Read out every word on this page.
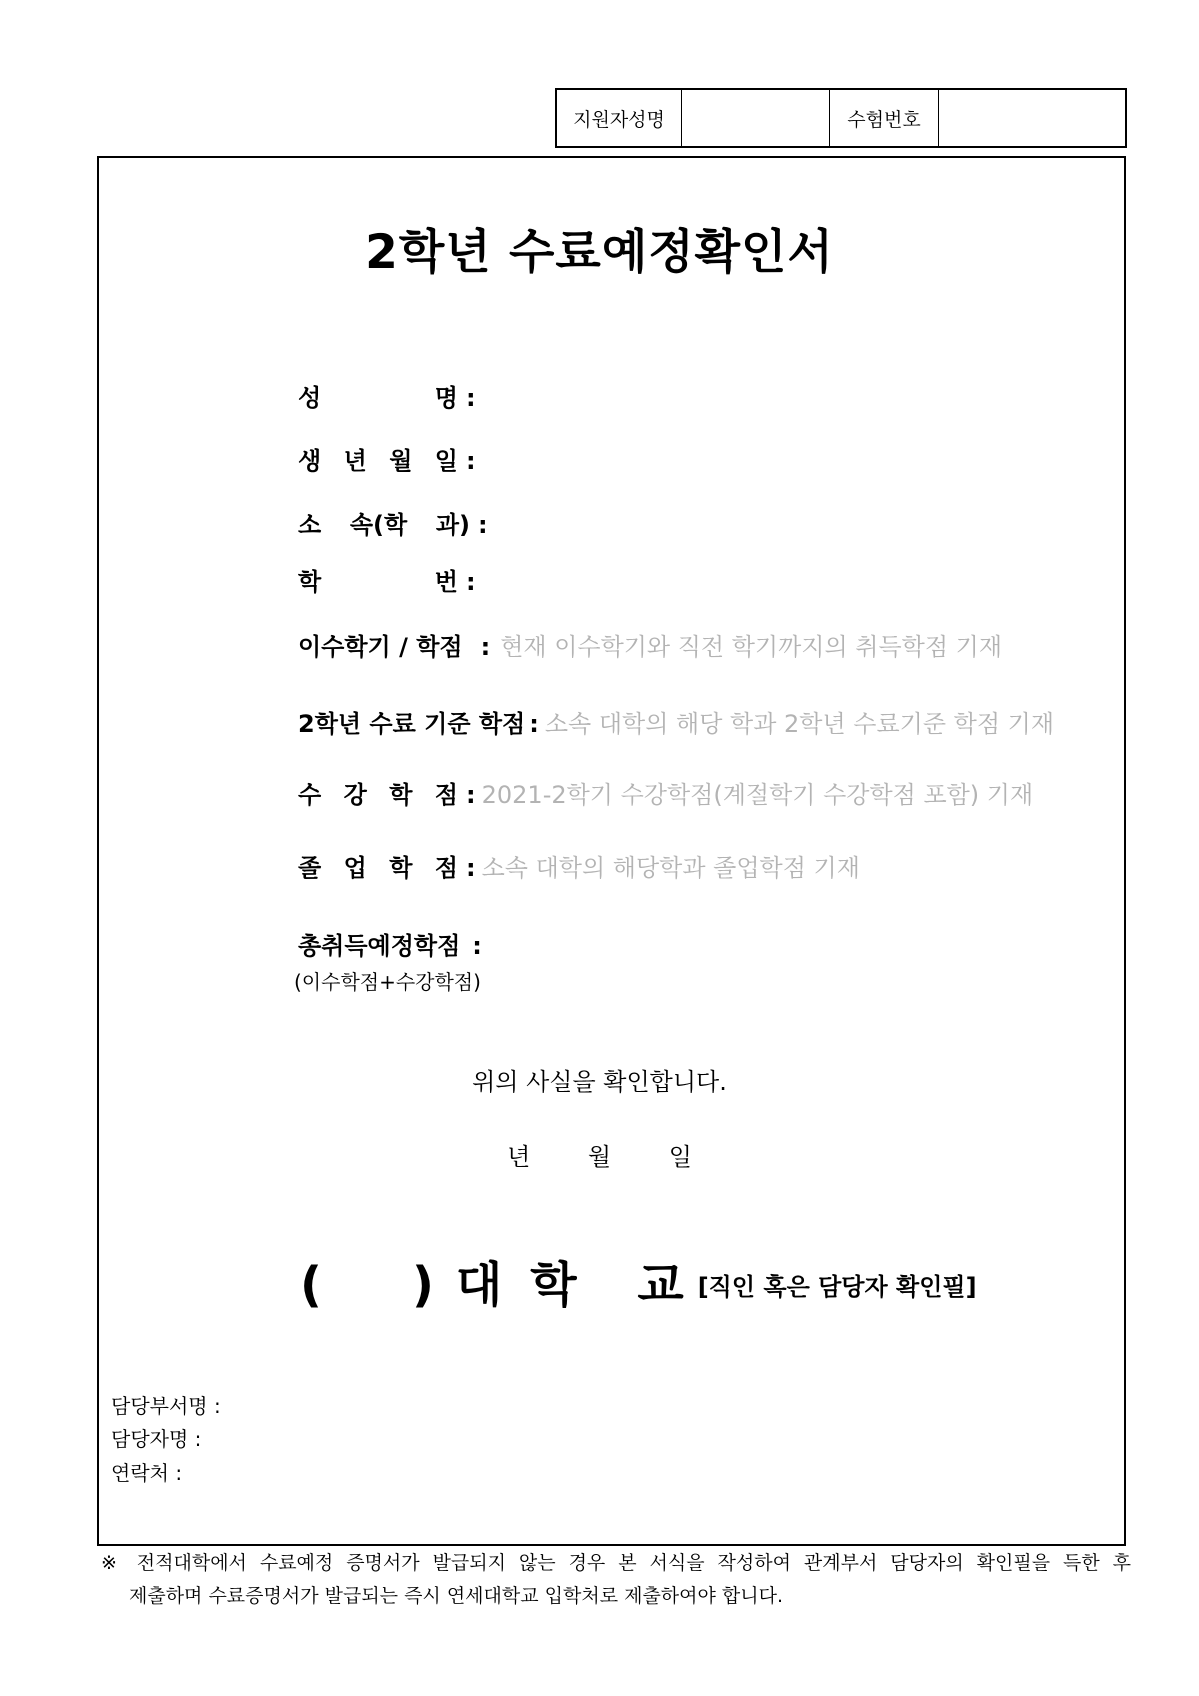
지원자성명	수험번호
2학년 수료예정확인서
성 명 :
생 년 월 일 :
소 속(학 과) :
학 번 :
이수학기 / 학점 : 현재 이수학기와 직전 학기까지의 취득학점 기재
2학년 수료 기준 학점 : 소속 대학의 해당 학과 2학년 수료기준 학점 기재
수 강 학 점 : 2021-2학기 수강학점(계절학기 수강학점 포함) 기재
졸 업 학 점 : 소속 대학의 해당학과 졸업학점 기재
총취득예정학점 :
(이수학점+수강학점)
위의 사실을 확인합니다.
년 월 일
( )대 학 교[직인 혹은 담당자 확인필]
담당부서명 :
담당자명 :
연락처 :
※ 전적대학에서 수료예정 증명서가 발급되지 않는 경우 본 서식을 작성하여 관계부서 담당자의 확인필을 득한 후
제출하며 수료증명서가 발급되는 즉시 연세대학교 입학처로 제출하여야 합니다.
